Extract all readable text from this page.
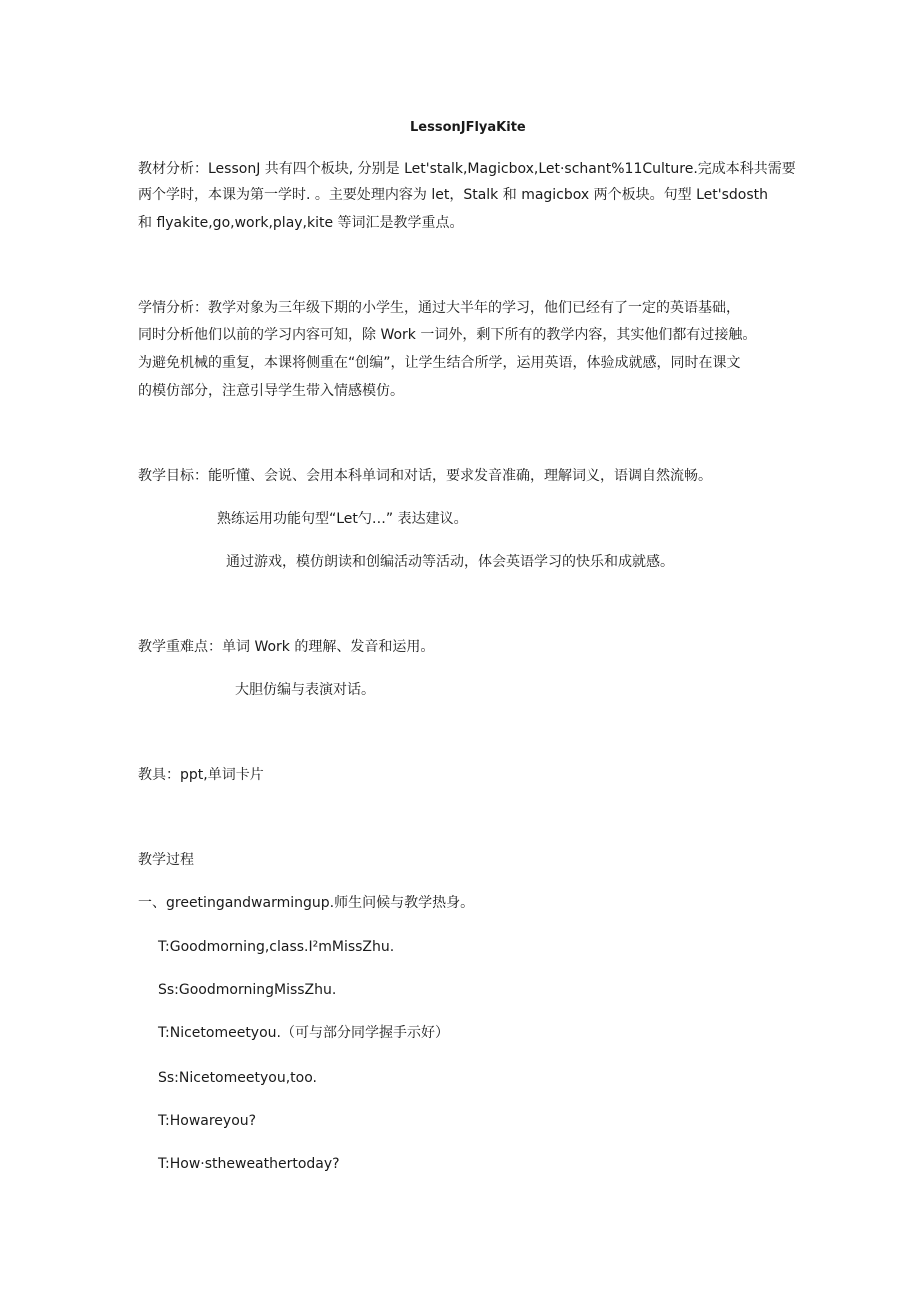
LessonJFlyaKite

教材分析：LessonJ 共有四个板块, 分别是 Let'stalk,Magicbox,Let·schant%11Culture.完成本科共需要

两个学时，本课为第一学时. 。主要处理内容为 let，Stalk 和 magicbox 两个板块。句型 Let'sdosth

和 flyakite,go,work,play,kite 等词汇是教学重点。

学情分析：教学对象为三年级下期的小学生，通过大半年的学习，他们已经有了一定的英语基础，

同时分析他们以前的学习内容可知，除 Work 一词外，剩下所有的教学内容，其实他们都有过接触。

为避免机械的重复，本课将侧重在“创编”，让学生结合所学，运用英语，体验成就感，同时在课文

的模仿部分，注意引导学生带入情感模仿。

教学目标：能听懂、会说、会用本科单词和对话，要求发音准确，理解词义，语调自然流畅。

熟练运用功能句型“Let勺…” 表达建议。

通过游戏，模仿朗读和创编活动等活动，体会英语学习的快乐和成就感。

教学重难点：单词 Work 的理解、发音和运用。

大胆仿编与表演对话。

教具：ppt,单词卡片

教学过程

一、greetingandwarmingup.师生问候与教学热身。

T:Goodmorning,class.I²mMissZhu.

Ss:GoodmorningMissZhu.

T:Nicetomeetyou.（可与部分同学握手示好）

Ss:Nicetomeetyou,too.

T:Howareyou?

T:How·stheweathertoday?
